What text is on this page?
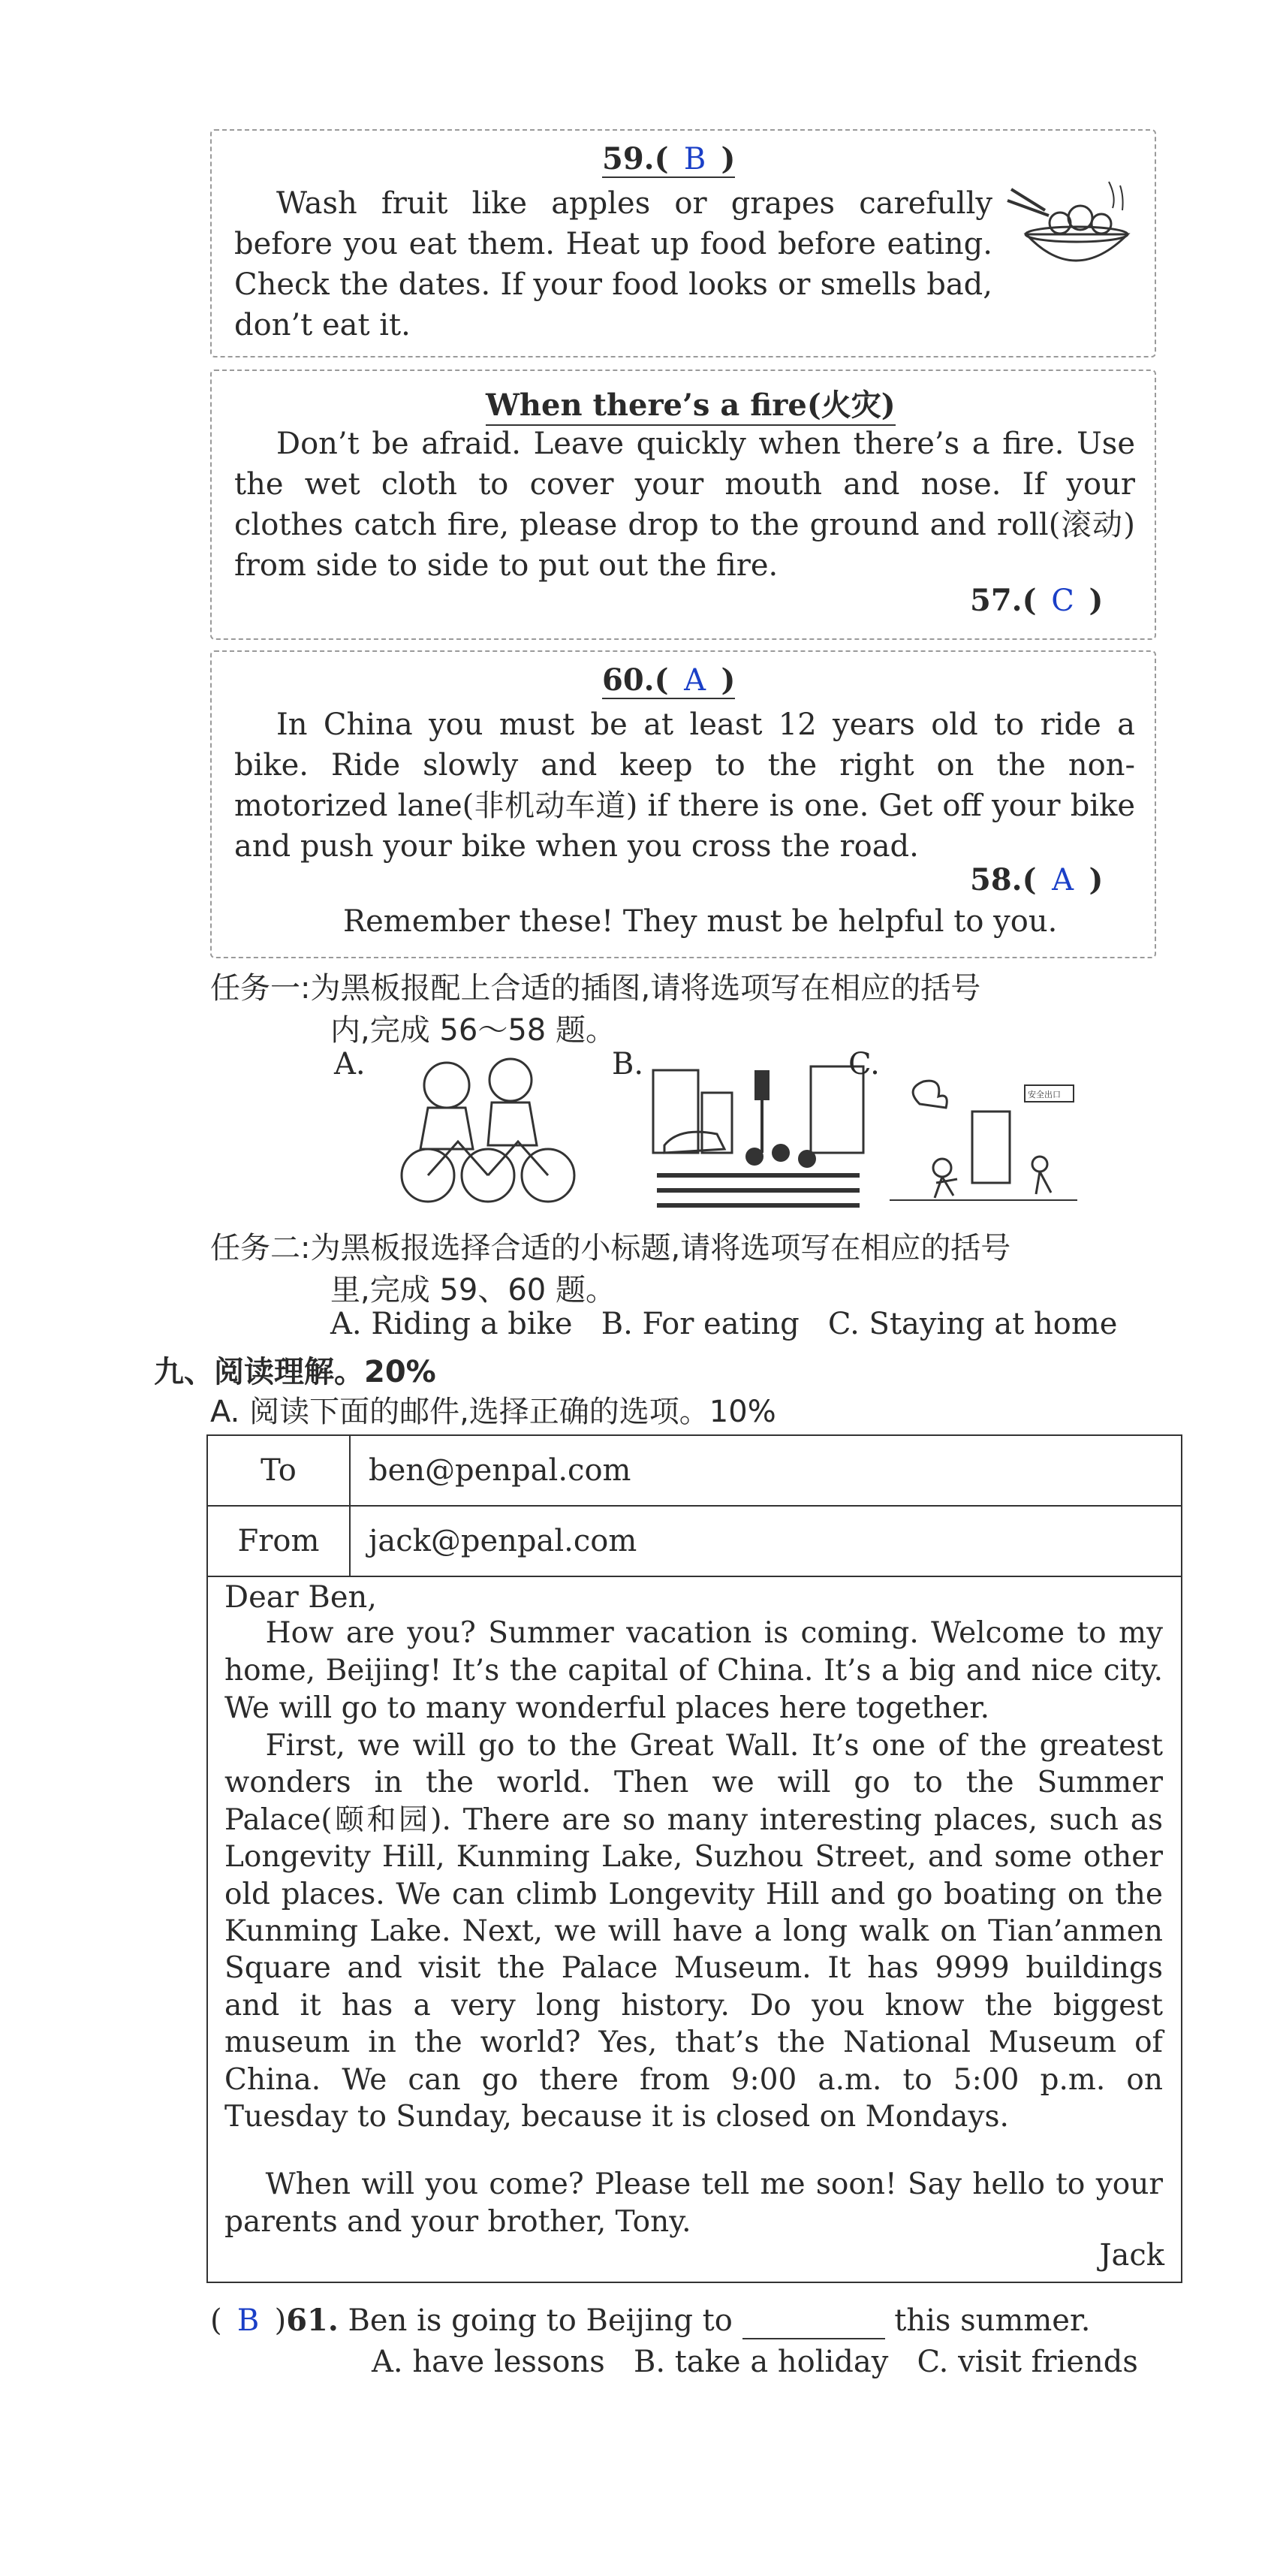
59.( B )
Wash fruit like apples or grapes carefully before you eat them. Heat up food before eating. Check the dates. If your food looks or smells bad, don’t eat it.
When there’s a fire(火灾)
Don’t be afraid. Leave quickly when there’s a fire. Use the wet cloth to cover your mouth and nose. If your clothes catch fire, please drop to the ground and roll(滚动) from side to side to put out the fire.
57.( C )
60.( A )
In China you must be at least 12 years old to ride a bike. Ride slowly and keep to the right on the non-motorized lane(非机动车道) if there is one. Get off your bike and push your bike when you cross the road.
58.( A )
Remember these! They must be helpful to you.
任务一:为黑板报配上合适的插图,请将选项写在相应的括号
内,完成 56～58 题。
A.	B.	C.
安全出口
任务二:为黑板报选择合适的小标题,请将选项写在相应的括号
里,完成 59、60 题。
A. Riding a bike   B. For eating   C. Staying at home
九、阅读理解。20%
A. 阅读下面的邮件,选择正确的选项。10%
To	ben@penpal.com
From	jack@penpal.com
Dear Ben,
How are you? Summer vacation is coming. Welcome to my home, Beijing! It’s the capital of China. It’s a big and nice city. We will go to many wonderful places here together.
First, we will go to the Great Wall. It’s one of the greatest wonders in the world. Then we will go to the Summer Palace(颐和园). There are so many interesting places, such as Longevity Hill, Kunming Lake, Suzhou Street, and some other old places. We can climb Longevity Hill and go boating on the Kunming Lake. Next, we will have a long walk on Tian’anmen Square and visit the Palace Museum. It has 9999 buildings and it has a very long history. Do you know the biggest museum in the world? Yes, that’s the National Museum of China. We can go there from 9:00 a.m. to 5:00 p.m. on Tuesday to Sunday, because it is closed on Mondays.
When will you come? Please tell me soon! Say hello to your parents and your brother, Tony.
Jack
( B )61. Ben is going to Beijing to	this summer.
A. have lessons   B. take a holiday   C. visit friends
